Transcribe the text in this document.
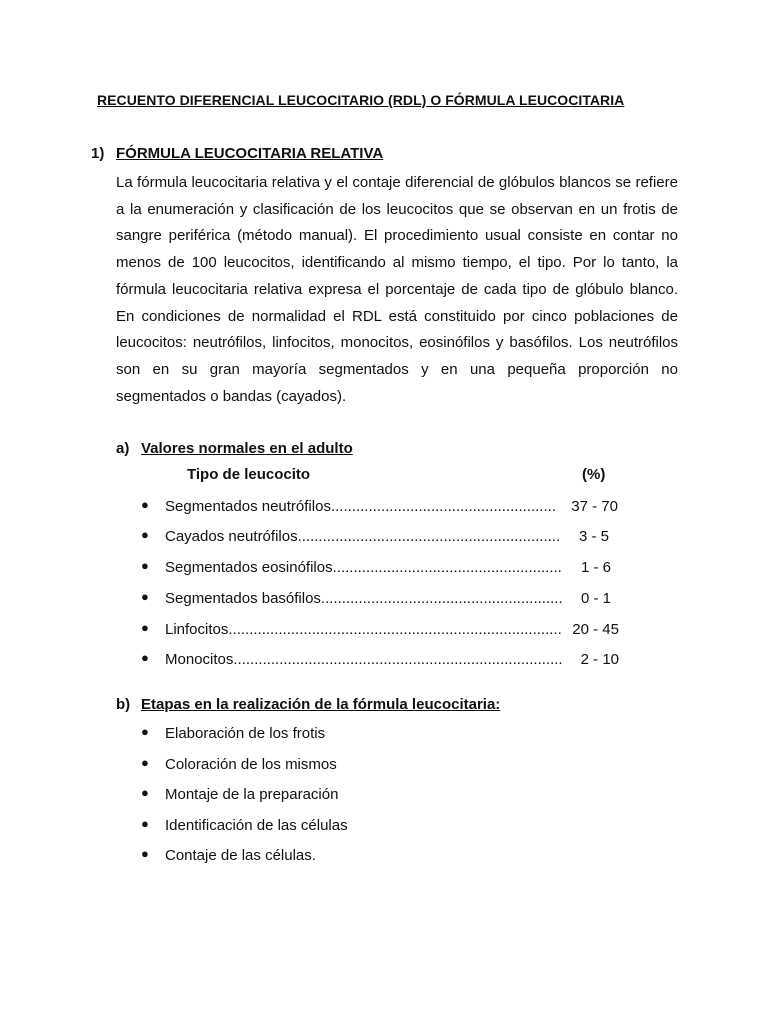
RECUENTO DIFERENCIAL LEUCOCITARIO (RDL) O FÓRMULA LEUCOCITARIA
1) FÓRMULA LEUCOCITARIA RELATIVA

La fórmula leucocitaria relativa y el contaje diferencial de glóbulos blancos se refiere a la enumeración y clasificación de los leucocitos que se observan en un frotis de sangre periférica (método manual). El procedimiento usual consiste en contar no menos de 100 leucocitos, identificando al mismo tiempo, el tipo. Por lo tanto, la fórmula leucocitaria relativa expresa el porcentaje de cada tipo de glóbulo blanco. En condiciones de normalidad el RDL está constituido por cinco poblaciones de leucocitos: neutrófilos, linfocitos, monocitos, eosinófilos y basófilos. Los neutrófilos son en su gran mayoría segmentados y en una pequeña proporción no segmentados o bandas (cayados).

a) Valores normales en el adulto
Tipo de leucocito	(%)
● Segmentados neutrófilos......................................................	37 - 70
● Cayados neutrófilos...............................................................	3 - 5
● Segmentados eosinófilos.......................................................	1 - 6
● Segmentados basófilos..........................................................	0 - 1
● Linfocitos................................................................................ 20 - 45
● Monocitos...............................................................................	2 - 10
b) Etapas en la realización de la fórmula leucocitaria:
● Elaboración de los frotis
● Coloración de los mismos
● Montaje de la preparación
● Identificación de las células
● Contaje de las células.
